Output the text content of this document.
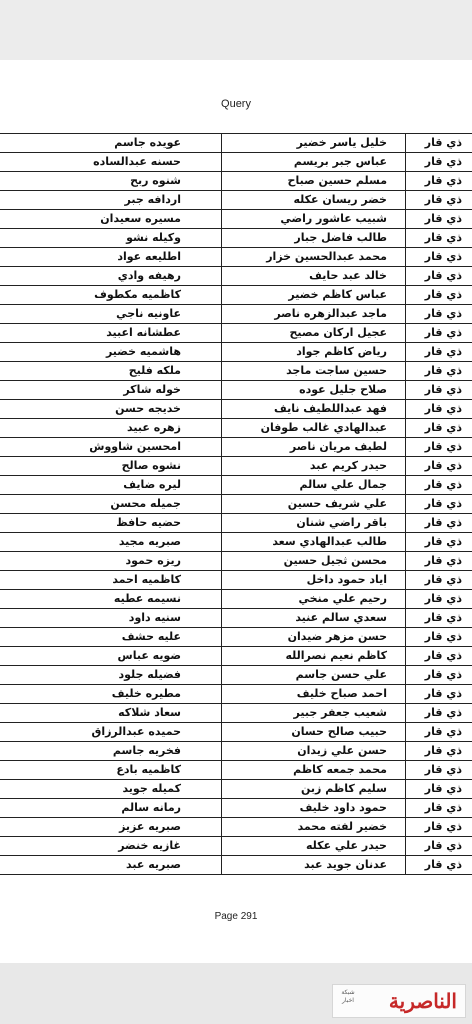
Query
ذي قار
خليل ياسر خضير
عويده جاسم
ذي قار
عباس جبر بريسم
حسنه عبدالساده
ذي قار
مسلم حسين صباح
شنوه ربح
ذي قار
خضر ريسان عكله
اردافه جبر
ذي قار
شبيب عاشور راضي
مسيره سعيدان
ذي قار
طالب فاضل جبار
وكيله نشو
ذي قار
محمد عبدالحسين خزار
اطليعه عواد
ذي قار
خالد عبد حايف
رهيفه وادي
ذي قار
عباس كاظم خضير
كاظميه مكطوف
ذي قار
ماجد عبدالزهره ناصر
عاونيه ناجي
ذي قار
عجيل اركان مصيح
عطشانه اعبيد
ذي قار
رياض كاظم جواد
هاشميه خضير
ذي قار
حسين ساجت ماجد
ملكه فليح
ذي قار
صلاح جليل عوده
خوله شاكر
ذي قار
فهد عبداللطيف نايف
خديجه حسن
ذي قار
عبدالهادي غالب طوفان
زهره عبيد
ذي قار
لطيف مريان ناصر
امحسين شاووش
ذي قار
حيدر كريم عبد
نشوه صالح
ذي قار
جمال علي سالم
ليره ضايف
ذي قار
علي شريف حسين
جميله محسن
ذي قار
باقر راضي شنان
حضيه حافظ
ذي قار
طالب عبدالهادي سعد
صبريه مجيد
ذي قار
محسن ثجيل حسين
ريزه حمود
ذي قار
اياد حمود داخل
كاظميه احمد
ذي قار
رحيم علي منخي
نسيمه عطيه
ذي قار
سعدي سالم عنيد
سنيه داود
ذي قار
حسن مزهر ضيدان
عليه حشف
ذي قار
كاظم نعيم نصرالله
ضويه عباس
ذي قار
علي حسن جاسم
فضيله جلود
ذي قار
احمد صباح خليف
مطيره خليف
ذي قار
شعيب جعفر جبير
سعاد شلاكه
ذي قار
حبيب صالح حسان
حميده عبدالرزاق
ذي قار
حسن علي زيدان
فخريه جاسم
ذي قار
محمد جمعه كاظم
كاظميه بادع
ذي قار
سليم كاظم زبن
كميله جويد
ذي قار
حمود داود خليف
رمانه سالم
ذي قار
خضير لفته محمد
صبريه عزيز
ذي قار
حيدر علي عكله
غازيه خنضر
ذي قار
عدنان جويد عبد
صبريه عبد
Page 291
شبكة اخبار	الناصرية
